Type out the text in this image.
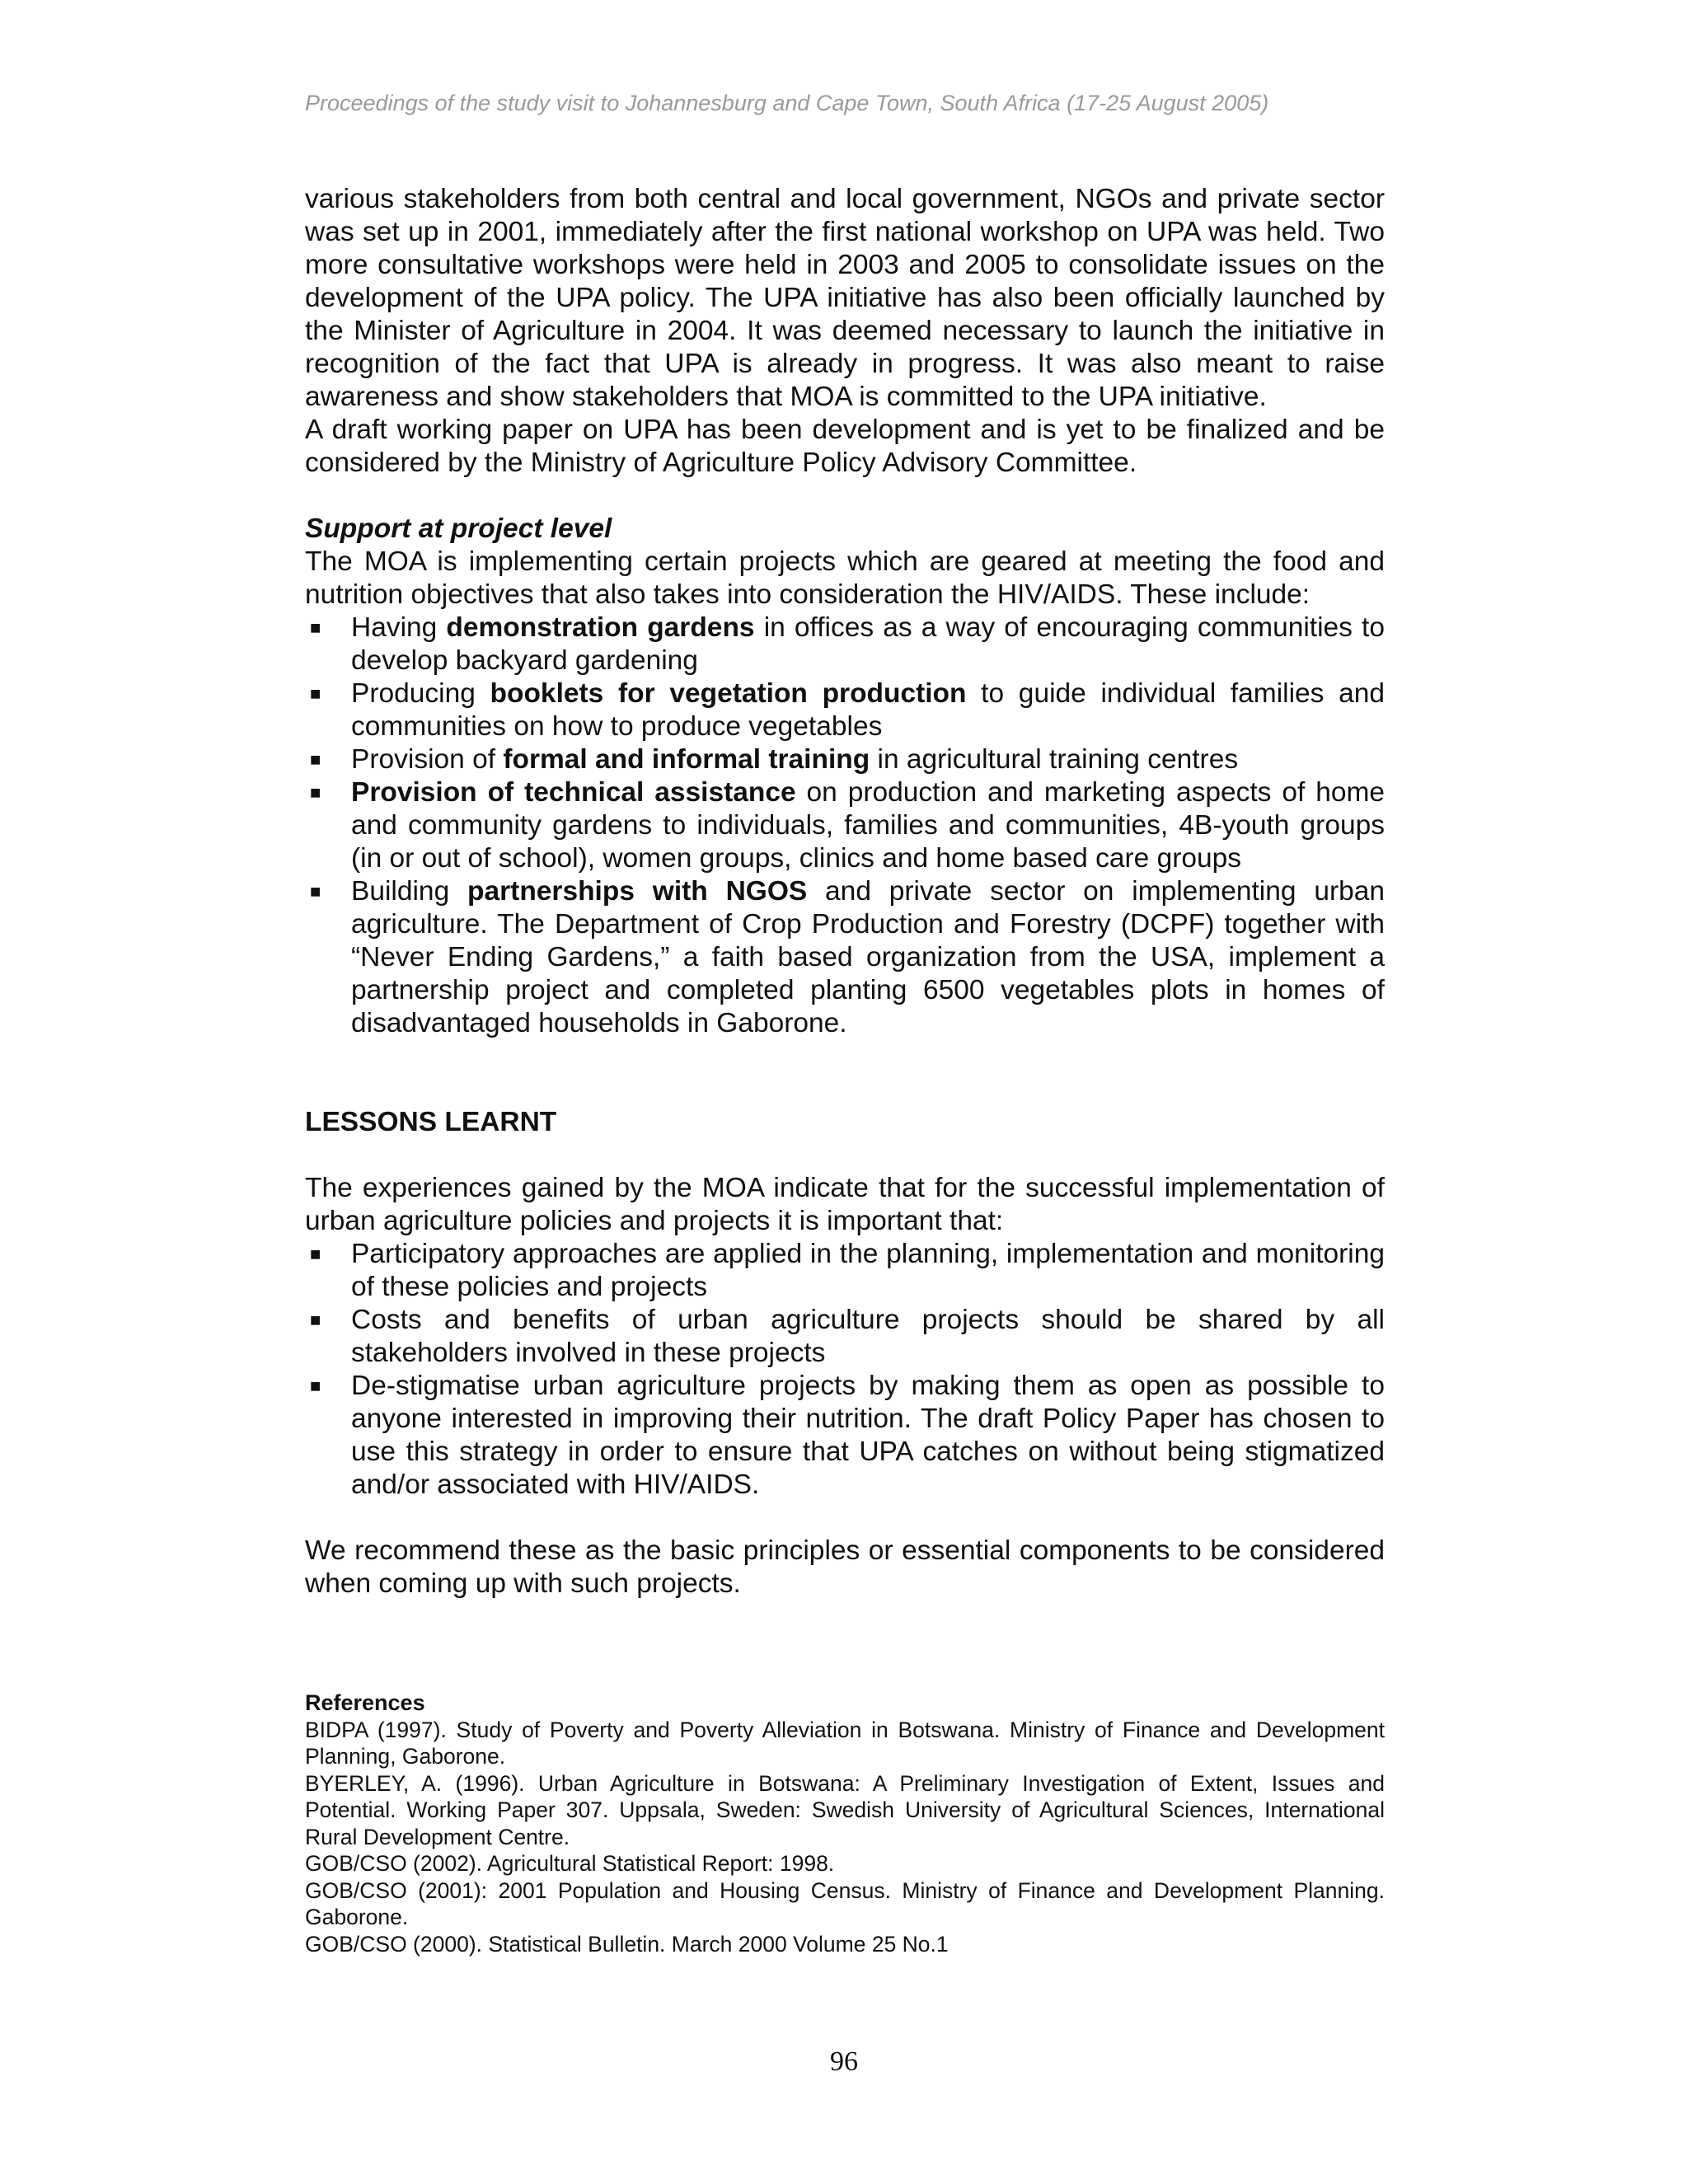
Proceedings of the study visit to Johannesburg and Cape Town, South Africa (17-25 August 2005)

various stakeholders from both central and local government, NGOs and private sector was set up in 2001, immediately after the first national workshop on UPA was held. Two more consultative workshops were held in 2003 and 2005 to consolidate issues on the development of the UPA policy. The UPA initiative has also been officially launched by the Minister of Agriculture in 2004. It was deemed necessary to launch the initiative in recognition of the fact that UPA is already in progress. It was also meant to raise awareness and show stakeholders that MOA is committed to the UPA initiative.

A draft working paper on UPA has been development and is yet to be finalized and be considered by the Ministry of Agriculture Policy Advisory Committee.

Support at project level

The MOA is implementing certain projects which are geared at meeting the food and nutrition objectives that also takes into consideration the HIV/AIDS. These include:

■ Having demonstration gardens in offices as a way of encouraging communities to develop backyard gardening
■ Producing booklets for vegetation production to guide individual families and communities on how to produce vegetables
■ Provision of formal and informal training in agricultural training centres
■ Provision of technical assistance on production and marketing aspects of home and community gardens to individuals, families and communities, 4B-youth groups (in or out of school), women groups, clinics and home based care groups
■ Building partnerships with NGOS and private sector on implementing urban agriculture. The Department of Crop Production and Forestry (DCPF) together with “Never Ending Gardens,” a faith based organization from the USA, implement a partnership project and completed planting 6500 vegetables plots in homes of disadvantaged households in Gaborone.

LESSONS LEARNT

The experiences gained by the MOA indicate that for the successful implementation of urban agriculture policies and projects it is important that:

■ Participatory approaches are applied in the planning, implementation and monitoring of these policies and projects
■ Costs and benefits of urban agriculture projects should be shared by all stakeholders involved in these projects
■ De-stigmatise urban agriculture projects by making them as open as possible to anyone interested in improving their nutrition. The draft Policy Paper has chosen to use this strategy in order to ensure that UPA catches on without being stigmatized and/or associated with HIV/AIDS.

We recommend these as the basic principles or essential components to be considered when coming up with such projects.

References

BIDPA (1997). Study of Poverty and Poverty Alleviation in Botswana. Ministry of Finance and Development Planning, Gaborone.

BYERLEY, A. (1996). Urban Agriculture in Botswana: A Preliminary Investigation of Extent, Issues and Potential. Working Paper 307. Uppsala, Sweden: Swedish University of Agricultural Sciences, International Rural Development Centre.

GOB/CSO (2002). Agricultural Statistical Report: 1998.

GOB/CSO (2001): 2001 Population and Housing Census. Ministry of Finance and Development Planning. Gaborone.

GOB/CSO (2000). Statistical Bulletin. March 2000 Volume 25 No.1

96
